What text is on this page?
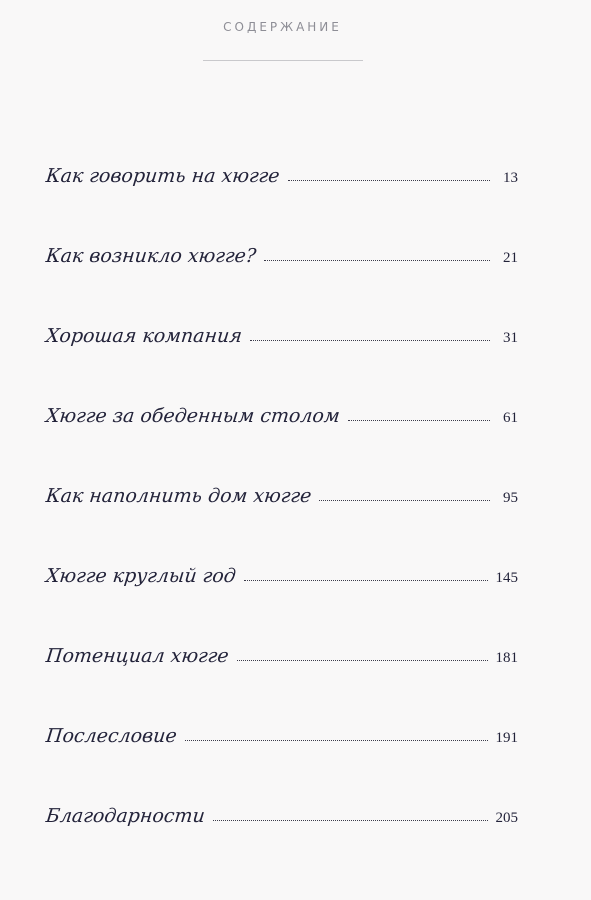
СОДЕРЖАНИЕ
Как говорить на хюгге	13
Как возникло хюгге?	21
Хорошая компания	31
Хюгге за обеденным столом	61
Как наполнить дом хюгге	95
Хюгге круглый год	145
Потенциал хюгге	181
Послесловие	191
Благодарности	205
